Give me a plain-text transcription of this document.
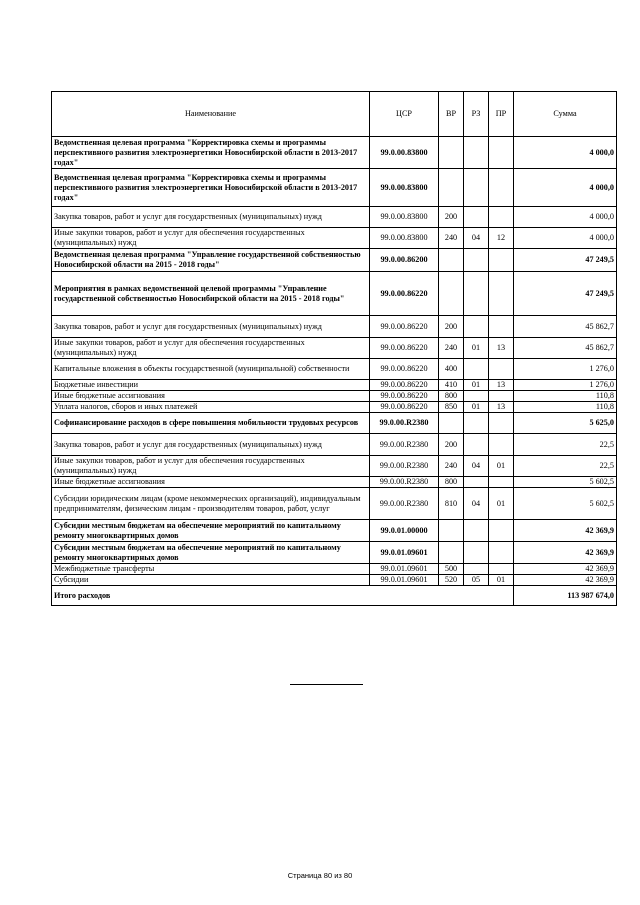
Наименование	ЦСР	ВР	РЗ	ПР	Сумма
Ведомственная целевая программа "Корректировка схемы и программы перспективного развития электроэнергетики Новосибирской области в 2013-2017 годах"	99.0.00.83800				4 000,0
Ведомственная целевая программа "Корректировка схемы и программы перспективного развития электроэнергетики Новосибирской области в 2013-2017 годах"	99.0.00.83800				4 000,0
Закупка товаров, работ и услуг для государственных (муниципальных) нужд	99.0.00.83800	200			4 000,0
Иные закупки товаров, работ и услуг для обеспечения государственных (муниципальных) нужд	99.0.00.83800	240	04	12	4 000,0
Ведомственная целевая программа "Управление государственной собственностью Новосибирской области на 2015 - 2018 годы"	99.0.00.86200				47 249,5
Мероприятия в рамках ведомственной целевой программы "Управление государственной собственностью Новосибирской области на 2015 - 2018 годы"	99.0.00.86220				47 249,5
Закупка товаров, работ и услуг для государственных (муниципальных) нужд	99.0.00.86220	200			45 862,7
Иные закупки товаров, работ и услуг для обеспечения государственных (муниципальных) нужд	99.0.00.86220	240	01	13	45 862,7
Капитальные вложения в объекты государственной (муниципальной) собственности	99.0.00.86220	400			1 276,0
Бюджетные инвестиции	99.0.00.86220	410	01	13	1 276,0
Иные бюджетные ассигнования	99.0.00.86220	800			110,8
Уплата налогов, сборов и иных платежей	99.0.00.86220	850	01	13	110,8
Софинансирование расходов в сфере повышения мобильности трудовых ресурсов	99.0.00.R2380				5 625,0
Закупка товаров, работ и услуг для государственных (муниципальных) нужд	99.0.00.R2380	200			22,5
Иные закупки товаров, работ и услуг для обеспечения государственных (муниципальных) нужд	99.0.00.R2380	240	04	01	22,5
Иные бюджетные ассигнования	99.0.00.R2380	800			5 602,5
Субсидии юридическим лицам (кроме некоммерческих организаций), индивидуальным предпринимателям, физическим лицам - производителям товаров, работ, услуг	99.0.00.R2380	810	04	01	5 602,5
Субсидии местным бюджетам на обеспечение мероприятий по капитальному ремонту многоквартирных домов	99.0.01.00000				42 369,9
Субсидии местным бюджетам на обеспечение мероприятий по капитальному ремонту многоквартирных домов	99.0.01.09601				42 369,9
Межбюджетные трансферты	99.0.01.09601	500			42 369,9
Субсидии	99.0.01.09601	520	05	01	42 369,9
Итого расходов					113 987 674,0
Страница 80 из 80
